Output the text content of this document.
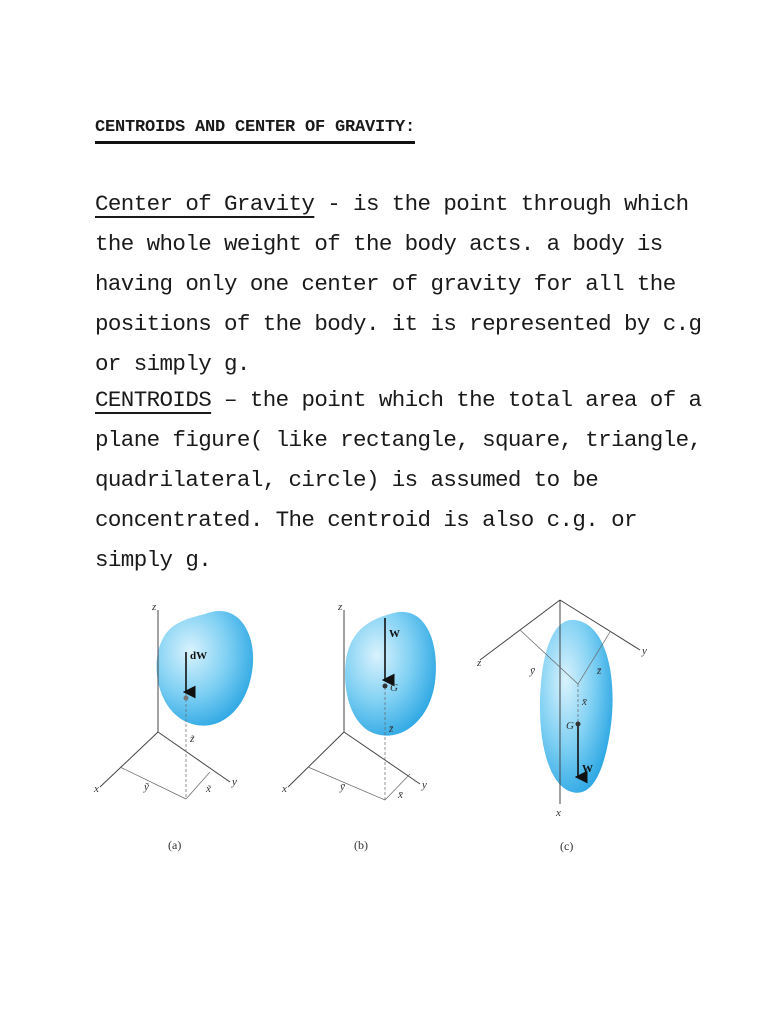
CENTROIDS AND CENTER OF GRAVITY:

Center of Gravity - is the point through which the whole weight of the body acts. a body is having only one center of gravity for all the positions of the body. it is represented by c.g or simply g.

CENTROIDS – the point which the total area of a plane figure( like rectangle, square, triangle, quadrilateral, circle) is assumed to be concentrated. The centroid is also c.g. or simply g.

z
x
y
dW
z̃
ỹ	x̃
(a)
z
x	y
W
G
z̄
ȳ
x̄
(b)
z
x
y
W
G
z̄
x̄
ȳ
(c)
